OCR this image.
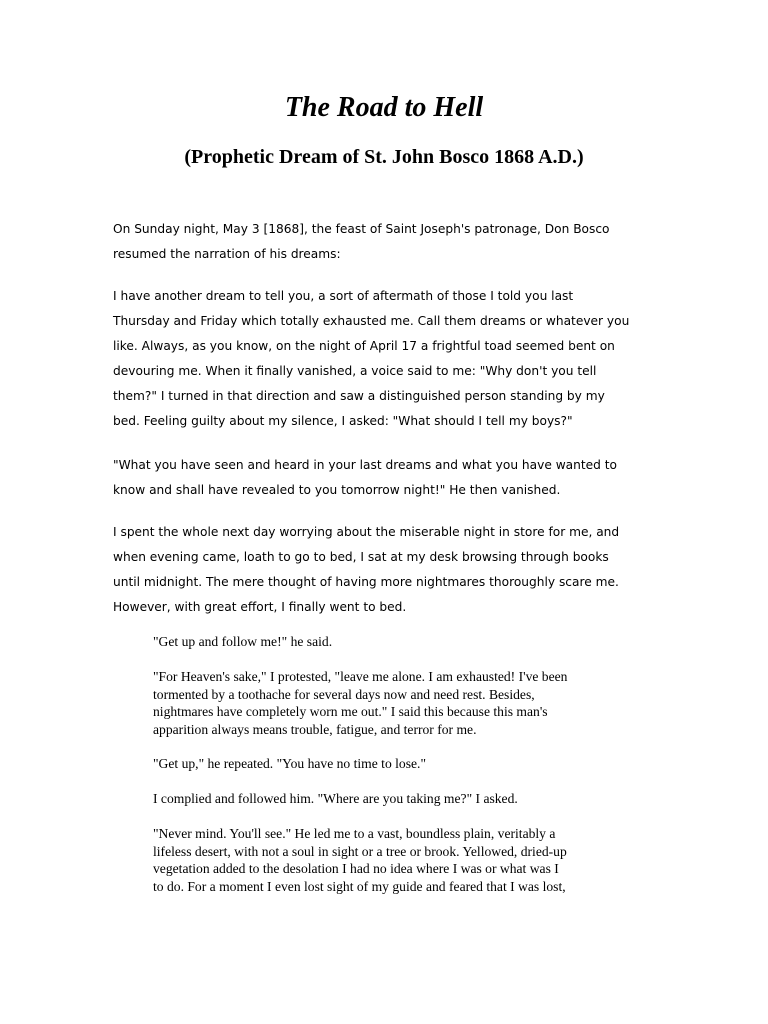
The Road to Hell
(Prophetic Dream of St. John Bosco 1868 A.D.)

On Sunday night, May 3 [1868], the feast of Saint Joseph's patronage, Don Bosco
resumed the narration of his dreams:

I have another dream to tell you, a sort of aftermath of those I told you last
Thursday and Friday which totally exhausted me. Call them dreams or whatever you
like. Always, as you know, on the night of April 17 a frightful toad seemed bent on
devouring me. When it finally vanished, a voice said to me: "Why don't you tell
them?" I turned in that direction and saw a distinguished person standing by my
bed. Feeling guilty about my silence, I asked: "What should I tell my boys?"

"What you have seen and heard in your last dreams and what you have wanted to
know and shall have revealed to you tomorrow night!" He then vanished.

I spent the whole next day worrying about the miserable night in store for me, and
when evening came, loath to go to bed, I sat at my desk browsing through books
until midnight. The mere thought of having more nightmares thoroughly scare me.
However, with great effort, I finally went to bed.

"Get up and follow me!" he said.

"For Heaven's sake," I protested, "leave me alone. I am exhausted! I've been
tormented by a toothache for several days now and need rest. Besides,
nightmares have completely worn me out." I said this because this man's
apparition always means trouble, fatigue, and terror for me.

"Get up," he repeated. "You have no time to lose."

I complied and followed him. "Where are you taking me?" I asked.

"Never mind. You'll see." He led me to a vast, boundless plain, veritably a
lifeless desert, with not a soul in sight or a tree or brook. Yellowed, dried-up
vegetation added to the desolation I had no idea where I was or what was I
to do. For a moment I even lost sight of my guide and feared that I was lost,
